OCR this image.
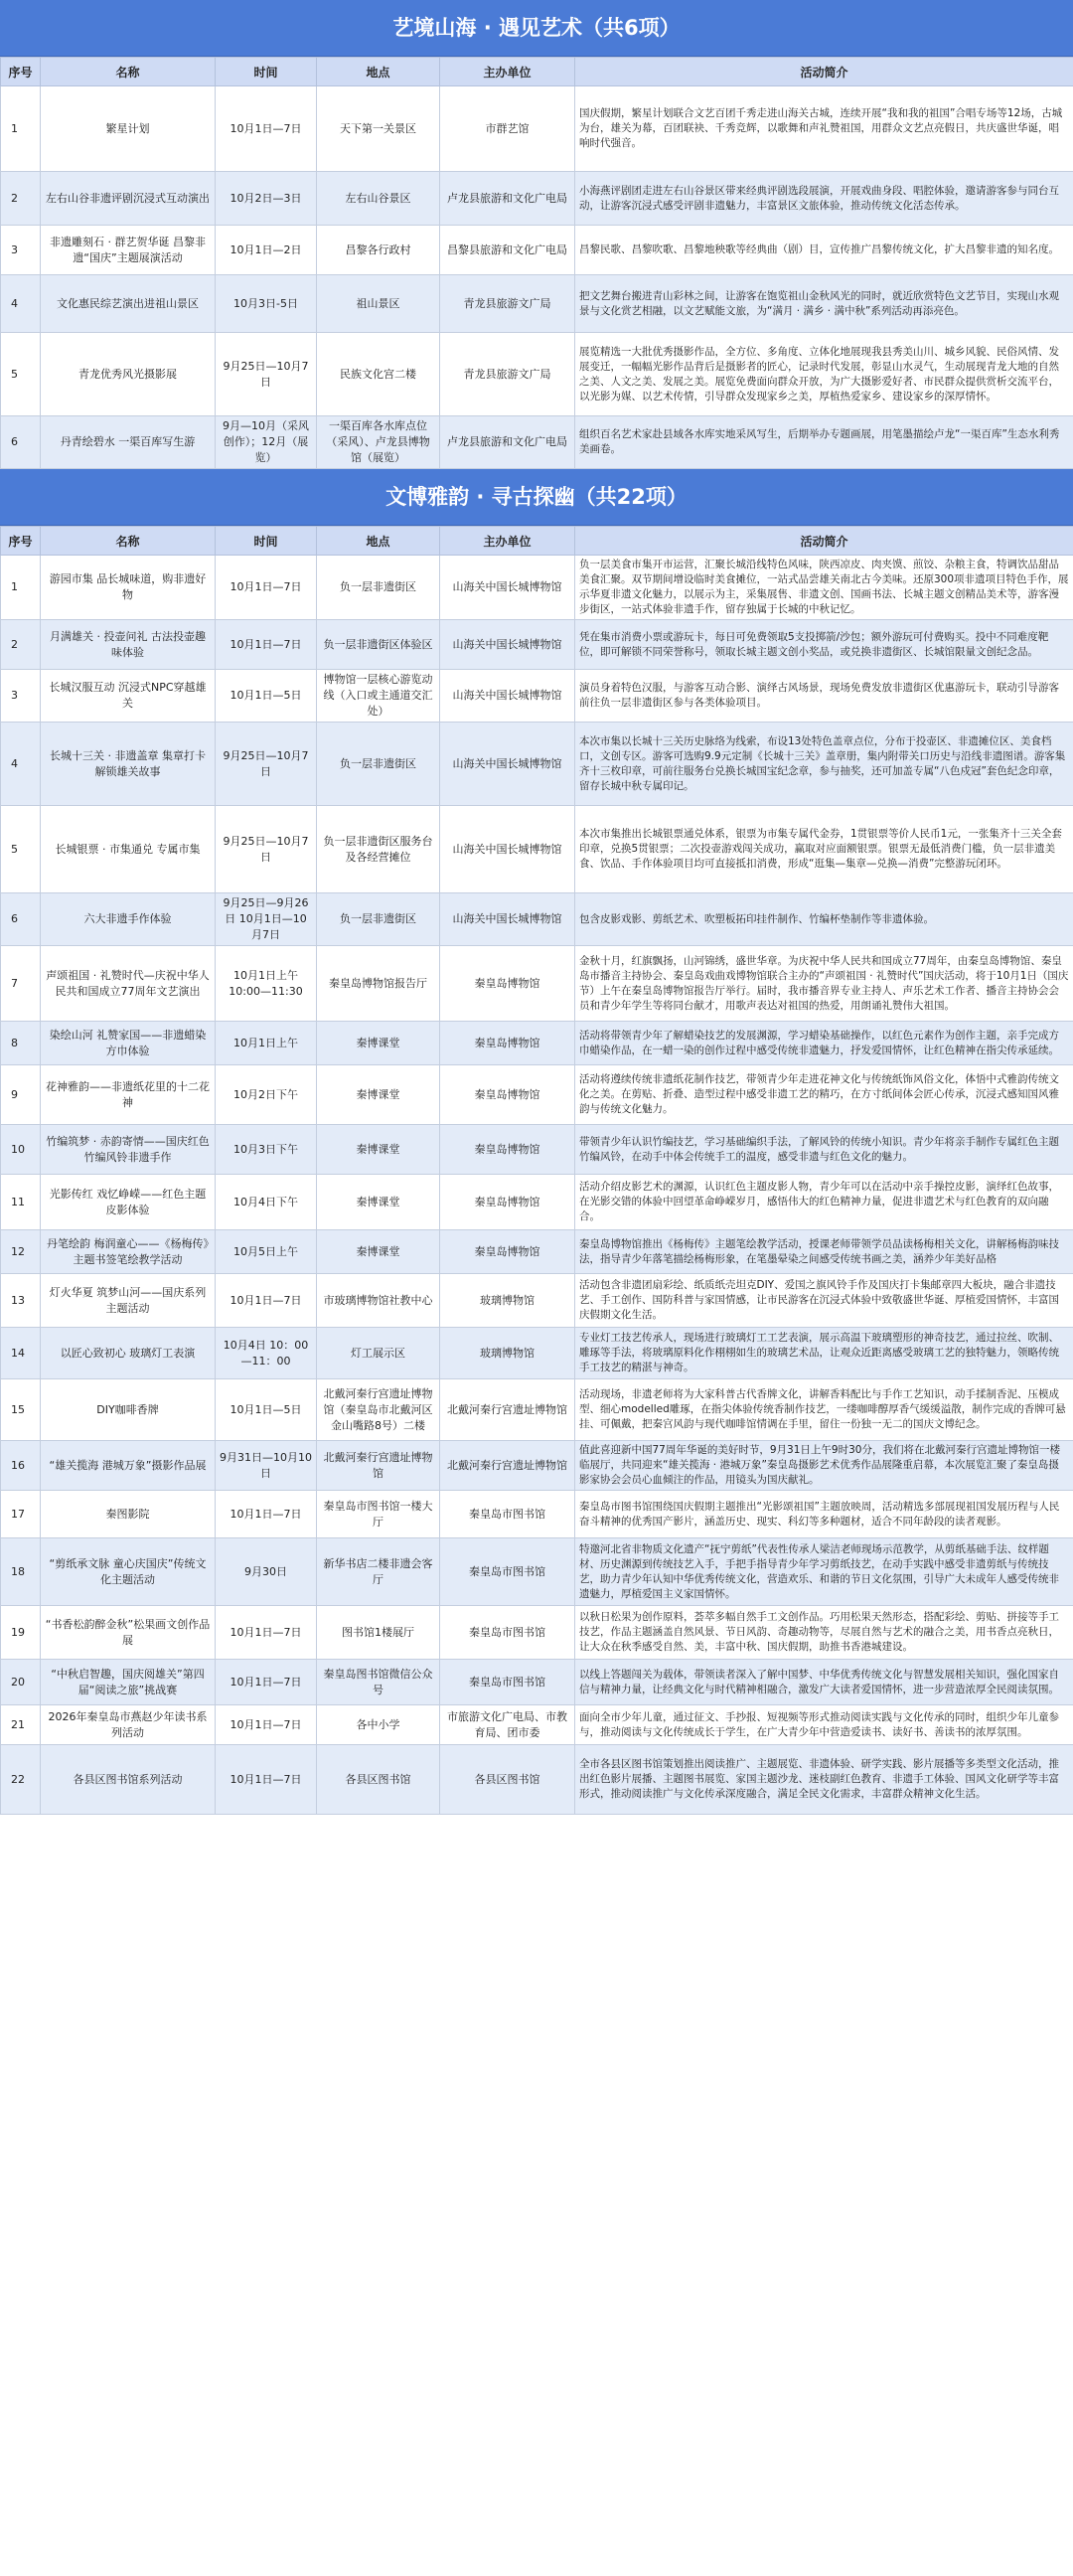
艺境山海 · 遇见艺术（共6项）
序号	名称	时间	地点	主办单位	活动简介
1	繁星计划	10月1日—7日	天下第一关景区	市群艺馆	国庆假期，繁星计划联合文艺百团千秀走进山海关古城，连续开展“我和我的祖国”合唱专场等12场，古城为台，雄关为幕，百团联袂、千秀竞辉，以歌舞和声礼赞祖国，用群众文艺点亮假日，共庆盛世华诞，唱响时代强音。
2	左右山谷非遗评剧沉浸式互动演出	10月2日—3日	左右山谷景区	卢龙县旅游和文化广电局	小海燕评剧团走进左右山谷景区带来经典评剧选段展演，开展戏曲身段、唱腔体验，邀请游客参与同台互动，让游客沉浸式感受评剧非遗魅力，丰富景区文旅体验，推动传统文化活态传承。
3	非遗雕刻石 · 群艺贺华诞 昌黎非遗“国庆”主题展演活动	10月1日—2日	昌黎各行政村	昌黎县旅游和文化广电局	昌黎民歌、昌黎吹歌、昌黎地秧歌等经典曲（剧）目，宣传推广昌黎传统文化，扩大昌黎非遗的知名度。
4	文化惠民综艺演出进祖山景区	10月3日-5日	祖山景区	青龙县旅游文广局	把文艺舞台搬进青山彩林之间，让游客在饱览祖山金秋风光的同时，就近欣赏特色文艺节目，实现山水观景与文化赏艺相融，以文艺赋能文旅，为“满月 · 满乡 · 满中秋”系列活动再添亮色。
5	青龙优秀风光摄影展	9月25日—10月7日	民族文化宫二楼	青龙县旅游文广局	展览精选一大批优秀摄影作品，全方位、多角度、立体化地展现我县秀美山川、城乡风貌、民俗风情、发展变迁，一幅幅光影作品背后是摄影者的匠心，记录时代发展，彰显山水灵气，生动展现青龙大地的自然之美、人文之美、发展之美。展览免费面向群众开放，为广大摄影爱好者、市民群众提供赏析交流平台，以光影为媒、以艺术传情，引导群众发现家乡之美，厚植热爱家乡、建设家乡的深厚情怀。
6	丹青绘碧水 一渠百库写生游	9月—10月（采风创作）；12月（展览）	一渠百库各水库点位（采风）、卢龙县博物馆（展览）	卢龙县旅游和文化广电局	组织百名艺术家赴县域各水库实地采风写生，后期举办专题画展，用笔墨描绘卢龙“一渠百库”生态水利秀美画卷。
文博雅韵 · 寻古探幽（共22项）
序号	名称	时间	地点	主办单位	活动简介
1	游园市集 品长城味道，购非遗好物	10月1日—7日	负一层非遗街区	山海关中国长城博物馆	负一层美食市集开市运营，汇聚长城沿线特色风味，陕西凉皮、肉夹馍、煎饺、杂粮主食，特调饮品甜品美食汇聚。双节期间增设临时美食摊位，一站式品尝雄关南北古今美味。还原300项非遗项目特色手作，展示华夏非遗文化魅力，以展示为主，采集展售、非遗文创、国画书法、长城主题文创精品美术等，游客漫步街区，一站式体验非遗手作，留存独属于长城的中秋记忆。
2	月满雄关 · 投壶问礼 古法投壶趣味体验	10月1日—7日	负一层非遗街区体验区	山海关中国长城博物馆	凭在集市消费小票或游玩卡，每日可免费领取5支投掷箭/沙包；额外游玩可付费购买。投中不同难度靶位，即可解锁不同荣誉称号，领取长城主题文创小奖品，或兑换非遗街区、长城馆限量文创纪念品。
3	长城汉服互动 沉浸式NPC穿越雄关	10月1日—5日	博物馆一层核心游览动线（入口或主通道交汇处）	山海关中国长城博物馆	演员身着特色汉服，与游客互动合影、演绎古风场景，现场免费发放非遗街区优惠游玩卡，联动引导游客前往负一层非遗街区参与各类体验项目。
4	长城十三关 · 非遗盖章 集章打卡解锁雄关故事	9月25日—10月7日	负一层非遗街区	山海关中国长城博物馆	本次市集以长城十三关历史脉络为线索，布设13处特色盖章点位，分布于投壶区、非遗摊位区、美食档口，文创专区。游客可选购9.9元定制《长城十三关》盖章册，集内附带关口历史与沿线非遗图谱。游客集齐十三枚印章，可前往服务台兑换长城国宝纪念章，参与抽奖，还可加盖专属“八色戍冠”套色纪念印章，留存长城中秋专属印记。
5	长城银票 · 市集通兑 专属市集	9月25日—10月7日	负一层非遗街区服务台及各经营摊位	山海关中国长城博物馆	本次市集推出长城银票通兑体系，银票为市集专属代金券，1贯银票等价人民币1元，一张集齐十三关全套印章，兑换5贯银票；二次投壶游戏闯关成功，赢取对应面额银票。银票无最低消费门槛，负一层非遗美食、饮品、手作体验项目均可直接抵扣消费，形成“逛集—集章—兑换—消费”完整游玩闭环。
6	六大非遗手作体验	9月25日—9月26日 10月1日—10月7日	负一层非遗街区	山海关中国长城博物馆	包含皮影戏影、剪纸艺术、吹塑板拓印挂件制作、竹编杯垫制作等非遗体验。
7	声颂祖国 · 礼赞时代—庆祝中华人民共和国成立77周年文艺演出	10月1日上午 10:00—11:30	秦皇岛博物馆报告厅	秦皇岛博物馆	金秋十月，红旗飘扬，山河锦绣，盛世华章。为庆祝中华人民共和国成立77周年，由秦皇岛博物馆、秦皇岛市播音主持协会、秦皇岛戏曲戏博物馆联合主办的“声颂祖国 · 礼赞时代”国庆活动，将于10月1日（国庆节）上午在秦皇岛博物馆报告厅举行。届时，我市播音界专业主持人、声乐艺术工作者、播音主持协会会员和青少年学生等将同台献才，用歌声表达对祖国的热爱，用朗诵礼赞伟大祖国。
8	染绘山河 礼赞家国——非遗蜡染方巾体验	10月1日上午	秦博课堂	秦皇岛博物馆	活动将带领青少年了解蜡染技艺的发展渊源，学习蜡染基础操作，以红色元素作为创作主题，亲手完成方巾蜡染作品，在一蜡一染的创作过程中感受传统非遗魅力，抒发爱国情怀，让红色精神在指尖传承延续。
9	花神雅韵——非遗纸花里的十二花神	10月2日下午	秦博课堂	秦皇岛博物馆	活动将遵续传统非遗纸花制作技艺，带领青少年走进花神文化与传统纸饰风俗文化，体悟中式雅韵传统文化之美。在剪贴、折叠、造型过程中感受非遗工艺的精巧，在方寸纸间体会匠心传承，沉浸式感知国风雅韵与传统文化魅力。
10	竹编筑梦 · 赤韵寄情——国庆红色竹编风铃非遗手作	10月3日下午	秦博课堂	秦皇岛博物馆	带领青少年认识竹编技艺，学习基础编织手法，了解风铃的传统小知识。青少年将亲手制作专属红色主题竹编风铃，在动手中体会传统手工的温度，感受非遗与红色文化的魅力。
11	光影传红 戏忆峥嵘——红色主题皮影体验	10月4日下午	秦博课堂	秦皇岛博物馆	活动介绍皮影艺术的渊源，认识红色主题皮影人物，青少年可以在活动中亲手操控皮影，演绎红色故事，在光影交错的体验中回望革命峥嵘岁月，感悟伟大的红色精神力量，促进非遗艺术与红色教育的双向融合。
12	丹笔绘韵 梅润童心——《杨梅传》主题书签笔绘教学活动	10月5日上午	秦博课堂	秦皇岛博物馆	秦皇岛博物馆推出《杨梅传》主题笔绘教学活动，授课老师带领学员品读杨梅相关文化，讲解杨梅韵味技法，指导青少年落笔描绘杨梅形象，在笔墨晕染之间感受传统书画之美，涵养少年美好品格
13	灯火华夏 筑梦山河——国庆系列主题活动	10月1日—7日	市玻璃博物馆社教中心	玻璃博物馆	活动包含非遗团扇彩绘、纸质纸壳坦克DIY、爱国之旗风铃手作及国庆打卡集邮章四大板块，融合非遗技艺、手工创作、国防科普与家国情感，让市民游客在沉浸式体验中致敬盛世华诞、厚植爱国情怀，丰富国庆假期文化生活。
14	以匠心致初心 玻璃灯工表演	10月4日 10：00—11：00	灯工展示区	玻璃博物馆	专业灯工技艺传承人，现场进行玻璃灯工工艺表演，展示高温下玻璃塑形的神奇技艺，通过拉丝、吹制、雕琢等手法，将玻璃原料化作栩栩如生的玻璃艺术品，让观众近距离感受玻璃工艺的独特魅力，领略传统手工技艺的精湛与神奇。
15	DIY咖啡香牌	10月1日—5日	北戴河秦行宫遗址博物馆（秦皇岛市北戴河区金山嘴路8号）二楼	北戴河秦行宫遗址博物馆	活动现场，非遗老师将为大家科普古代香牌文化，讲解香料配比与手作工艺知识，动手揉制香泥、压模成型、细心modelled雕琢，在指尖体验传统香制作技艺，一缕咖啡醇厚香气缓缓溢散，制作完成的香牌可悬挂、可佩戴，把秦宫风韵与现代咖啡馆情调在手里，留住一份独一无二的国庆文博纪念。
16	“雄关揽海 港城万象”摄影作品展	9月31日—10月10日	北戴河秦行宫遗址博物馆	北戴河秦行宫遗址博物馆	值此喜迎新中国77周年华诞的美好时节，9月31日上午9时30分，我们将在北戴河秦行宫遗址博物馆一楼临展厅，共同迎来“雄关揽海 · 港城万象”秦皇岛摄影艺术优秀作品展隆重启幕，本次展览汇聚了秦皇岛摄影家协会会员心血倾注的作品，用镜头为国庆献礼。
17	秦图影院	10月1日—7日	秦皇岛市图书馆一楼大厅	秦皇岛市图书馆	秦皇岛市图书馆围绕国庆假期主题推出“光影颂祖国”主题放映周，活动精选多部展现祖国发展历程与人民奋斗精神的优秀国产影片，涵盖历史、现实、科幻等多种题材，适合不同年龄段的读者观影。
18	“剪纸承文脉 童心庆国庆”传统文化主题活动	9月30日	新华书店二楼非遗会客厅	秦皇岛市图书馆	特邀河北省非物质文化遗产“抚宁剪纸”代表性传承人梁洁老师现场示范教学，从剪纸基础手法、纹样题材、历史渊源到传统技艺入手，手把手指导青少年学习剪纸技艺，在动手实践中感受非遗剪纸与传统技艺，助力青少年认知中华优秀传统文化，营造欢乐、和谐的节日文化氛围，引导广大未成年人感受传统非遗魅力，厚植爱国主义家国情怀。
19	“书香松韵醉金秋”松果画文创作品展	10月1日—7日	图书馆1楼展厅	秦皇岛市图书馆	以秋日松果为创作原料，荟萃多幅自然手工文创作品。巧用松果天然形态，搭配彩绘、剪贴、拼接等手工技艺，作品主题涵盖自然风景、节日风韵、奇趣动物等，尽展自然与艺术的融合之美，用书香点亮秋日，让大众在秋季感受自然、美，丰富中秋、国庆假期，助推书香港城建设。
20	“中秋启智趣，国庆阅雄关”第四届“阅读之旅”挑战赛	10月1日—7日	秦皇岛图书馆微信公众号	秦皇岛市图书馆	以线上答题闯关为载体，带领读者深入了解中国梦、中华优秀传统文化与智慧发展相关知识，强化国家自信与精神力量，让经典文化与时代精神相融合，激发广大读者爱国情怀，进一步营造浓厚全民阅读氛围。
21	2026年秦皇岛市燕赵少年读书系列活动	10月1日—7日	各中小学	市旅游文化广电局、市教育局、团市委	面向全市少年儿童，通过征文、手抄报、短视频等形式推动阅读实践与文化传承的同时，组织少年儿童参与，推动阅读与文化传统成长于学生，在广大青少年中营造爱读书、读好书、善读书的浓厚氛围。
22	各县区图书馆系列活动	10月1日—7日	各县区图书馆	各县区图书馆	全市各县区图书馆策划推出阅读推广、主题展览、非遗体验、研学实践、影片展播等多类型文化活动，推出红色影片展播、主题图书展览、家国主题沙龙、迷枝副红色教育、非遗手工体验、国风文化研学等丰富形式，推动阅读推广与文化传承深度融合，满足全民文化需求，丰富群众精神文化生活。
